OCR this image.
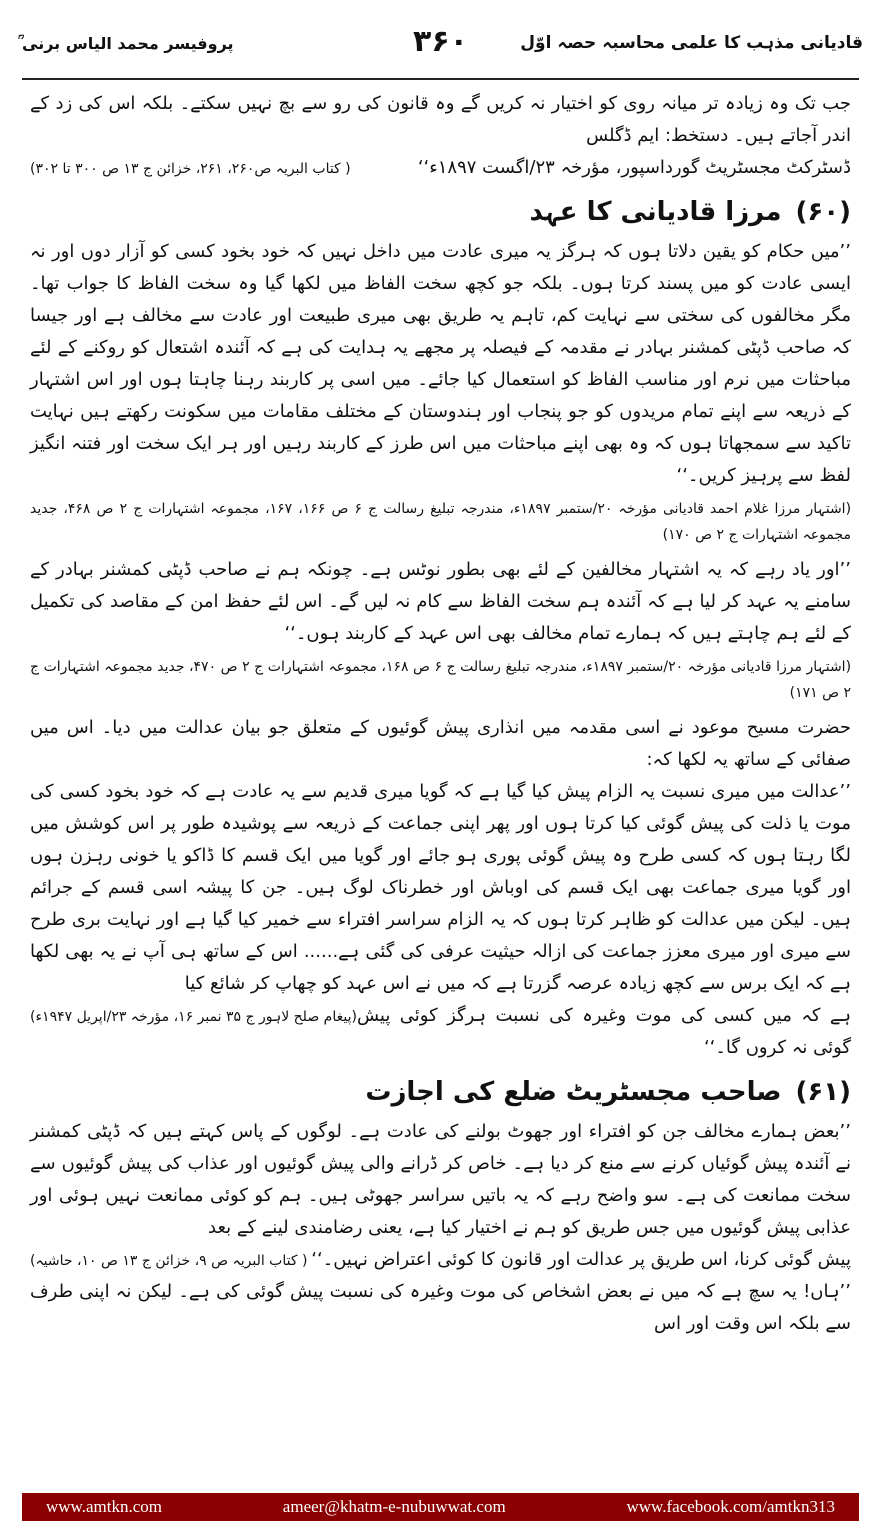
قادیانی مذہب کا علمی محاسبہ حصہ اوّل
۳۶۰
پروفیسر محمد الیاس برنی ؒ

جب تک وہ زیادہ تر میانہ روی کو اختیار نہ کریں گے وہ قانون کی رو سے بچ نہیں سکتے۔ بلکہ اس کی زد کے اندر آجاتے ہیں۔ دستخط: ایم ڈگلس

ڈسٹرکٹ مجسٹریٹ گورداسپور، مؤرخہ ۲۳/اگست ۱۸۹۷ء‘‘

( کتاب البریہ ص۲۶۰، ۲۶۱، خزائن ج ۱۳ ص ۳۰۰ تا ۳۰۲)
(۶۰)مرزا قادیانی کا عہد

’’میں حکام کو یقین دلاتا ہوں کہ ہرگز یہ میری عادت میں داخل نہیں کہ خود بخود کسی کو آزار دوں اور نہ ایسی عادت کو میں پسند کرتا ہوں۔ بلکہ جو کچھ سخت الفاظ میں لکھا گیا وہ سخت الفاظ کا جواب تھا۔ مگر مخالفوں کی سختی سے نہایت کم، تاہم یہ طریق بھی میری طبیعت اور عادت سے مخالف ہے اور جیسا کہ صاحب ڈپٹی کمشنر بہادر نے مقدمہ کے فیصلہ پر مجھے یہ ہدایت کی ہے کہ آئندہ اشتعال کو روکنے کے لئے مباحثات میں نرم اور مناسب الفاظ کو استعمال کیا جائے۔ میں اسی پر کاربند رہنا چاہتا ہوں اور اس اشتہار کے ذریعہ سے اپنے تمام مریدوں کو جو پنجاب اور ہندوستان کے مختلف مقامات میں سکونت رکھتے ہیں نہایت تاکید سے سمجھاتا ہوں کہ وہ بھی اپنے مباحثات میں اس طرز کے کاربند رہیں اور ہر ایک سخت اور فتنہ انگیز لفظ سے پرہیز کریں۔‘‘

(اشتہار مرزا غلام احمد قادیانی مؤرخہ ۲۰/ستمبر ۱۸۹۷ء، مندرجہ تبلیغ رسالت ج ۶ ص ۱۶۶، ۱۶۷، مجموعہ اشتہارات ج ۲ ص ۴۶۸، جدید مجموعہ اشتہارات ج ۲ ص ۱۷۰)

’’اور یاد رہے کہ یہ اشتہار مخالفین کے لئے بھی بطور نوٹس ہے۔ چونکہ ہم نے صاحب ڈپٹی کمشنر بہادر کے سامنے یہ عہد کر لیا ہے کہ آئندہ ہم سخت الفاظ سے کام نہ لیں گے۔ اس لئے حفظ امن کے مقاصد کی تکمیل کے لئے ہم چاہتے ہیں کہ ہمارے تمام مخالف بھی اس عہد کے کاربند ہوں۔‘‘

(اشتہار مرزا قادیانی مؤرخہ ۲۰/ستمبر ۱۸۹۷ء، مندرجہ تبلیغ رسالت ج ۶ ص ۱۶۸، مجموعہ اشتہارات ج ۲ ص ۴۷۰، جدید مجموعہ اشتہارات ج ۲ ص ۱۷۱)

حضرت مسیح موعود نے اسی مقدمہ میں انذاری پیش گوئیوں کے متعلق جو بیان عدالت میں دیا۔ اس میں صفائی کے ساتھ یہ لکھا کہ:

’’عدالت میں میری نسبت یہ الزام پیش کیا گیا ہے کہ گویا میری قدیم سے یہ عادت ہے کہ خود بخود کسی کی موت یا ذلت کی پیش گوئی کیا کرتا ہوں اور پھر اپنی جماعت کے ذریعہ سے پوشیدہ طور پر اس کوشش میں لگا رہتا ہوں کہ کسی طرح وہ پیش گوئی پوری ہو جائے اور گویا میں ایک قسم کا ڈاکو یا خونی رہزن ہوں اور گویا میری جماعت بھی ایک قسم کی اوباش اور خطرناک لوگ ہیں۔ جن کا پیشہ اسی قسم کے جرائم ہیں۔ لیکن میں عدالت کو ظاہر کرتا ہوں کہ یہ الزام سراسر افتراء سے خمیر کیا گیا ہے اور نہایت بری طرح سے میری اور میری معزز جماعت کی ازالہ حیثیت عرفی کی گئی ہے...... اس کے ساتھ ہی آپ نے یہ بھی لکھا ہے کہ ایک برس سے کچھ زیادہ عرصہ گزرتا ہے کہ میں نے اس عہد کو چھاپ کر شائع کیا

ہے کہ میں کسی کی موت وغیرہ کی نسبت ہرگز کوئی پیش گوئی نہ کروں گا۔‘‘

(پیغام صلح لاہور ج ۳۵ نمبر ۱۶، مؤرخہ ۲۳/اپریل ۱۹۴۷ء)
(۶۱)صاحب مجسٹریٹ ضلع کی اجازت

’’بعض ہمارے مخالف جن کو افتراء اور جھوٹ بولنے کی عادت ہے۔ لوگوں کے پاس کہتے ہیں کہ ڈپٹی کمشنر نے آئندہ پیش گوئیاں کرنے سے منع کر دیا ہے۔ خاص کر ڈرانے والی پیش گوئیوں اور عذاب کی پیش گوئیوں سے سخت ممانعت کی ہے۔ سو واضح رہے کہ یہ باتیں سراسر جھوٹی ہیں۔ ہم کو کوئی ممانعت نہیں ہوئی اور عذابی پیش گوئیوں میں جس طریق کو ہم نے اختیار کیا ہے، یعنی رضامندی لینے کے بعد

پیش گوئی کرنا، اس طریق پر عدالت اور قانون کا کوئی اعتراض نہیں۔‘‘

( کتاب البریہ ص ۹، خزائن ج ۱۳ ص ۱۰، حاشیہ)

’’ہاں! یہ سچ ہے کہ میں نے بعض اشخاص کی موت وغیرہ کی نسبت پیش گوئی کی ہے۔ لیکن نہ اپنی طرف سے بلکہ اس وقت اور اس

www.amtkn.com	ameer@khatm-e-nubuwwat.com	www.facebook.com/amtkn313
